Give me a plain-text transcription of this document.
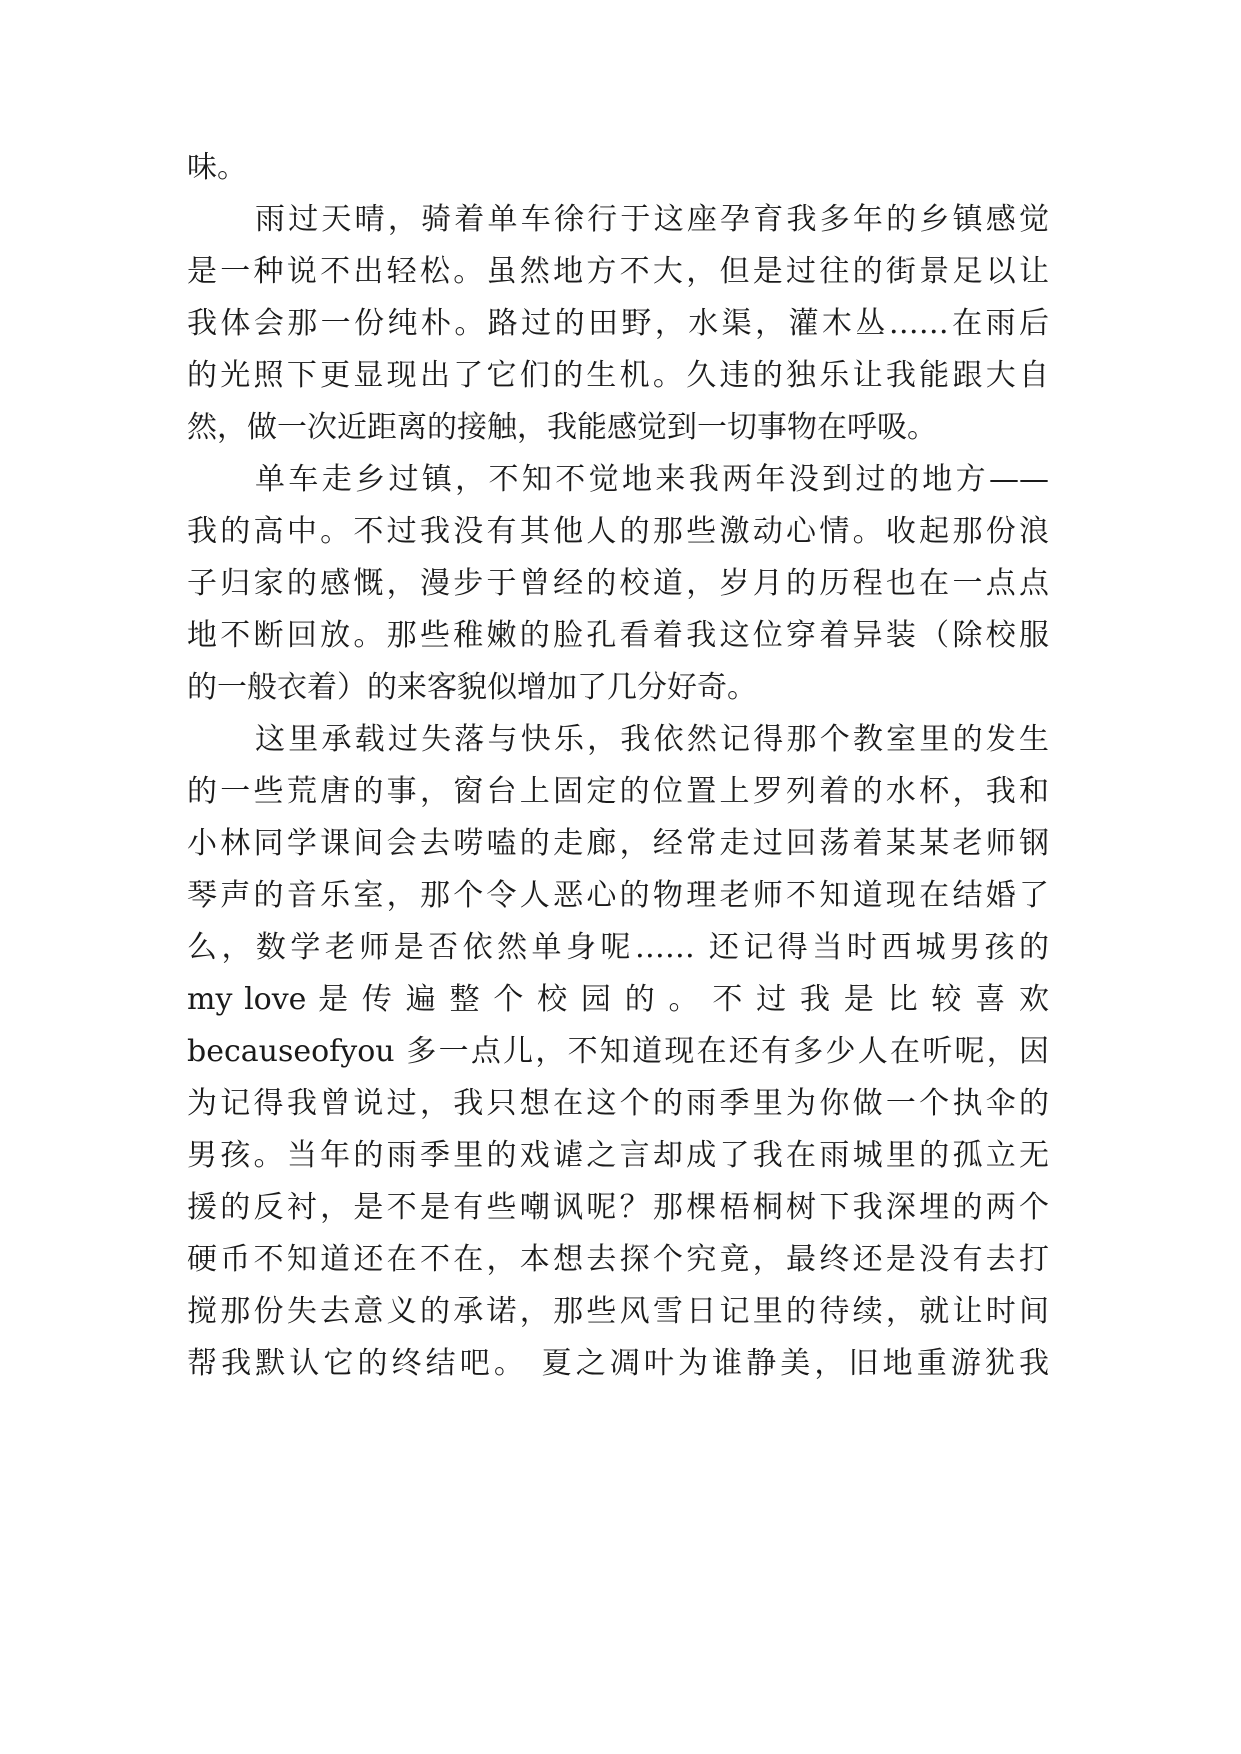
味。
雨过天晴，骑着单车徐行于这座孕育我多年的乡镇感觉
是一种说不出轻松。虽然地方不大，但是过往的街景足以让
我体会那一份纯朴。路过的田野，水渠，灌木丛……在雨后
的光照下更显现出了它们的生机。久违的独乐让我能跟大自
然，做一次近距离的接触，我能感觉到一切事物在呼吸。
单车走乡过镇，不知不觉地来我两年没到过的地方——
我的高中。不过我没有其他人的那些激动心情。收起那份浪
子归家的感慨，漫步于曾经的校道，岁月的历程也在一点点
地不断回放。那些稚嫩的脸孔看着我这位穿着异装（除校服
的一般衣着）的来客貌似增加了几分好奇。
这里承载过失落与快乐，我依然记得那个教室里的发生
的一些荒唐的事，窗台上固定的位置上罗列着的水杯，我和
小林同学课间会去唠嗑的走廊，经常走过回荡着某某老师钢
琴声的音乐室，那个令人恶心的物理老师不知道现在结婚了
么，数学老师是否依然单身呢…… 还记得当时西城男孩的
my love 是 传 遍 整 个 校 园 的 。 不 过 我 是 比 较 喜 欢
becauseofyou 多一点儿，不知道现在还有多少人在听呢，因
为记得我曾说过，我只想在这个的雨季里为你做一个执伞的
男孩。当年的雨季里的戏谑之言却成了我在雨城里的孤立无
援的反衬，是不是有些嘲讽呢？那棵梧桐树下我深埋的两个
硬币不知道还在不在，本想去探个究竟，最终还是没有去打
搅那份失去意义的承诺，那些风雪日记里的待续，就让时间
帮我默认它的终结吧。 夏之凋叶为谁静美，旧地重游犹我
